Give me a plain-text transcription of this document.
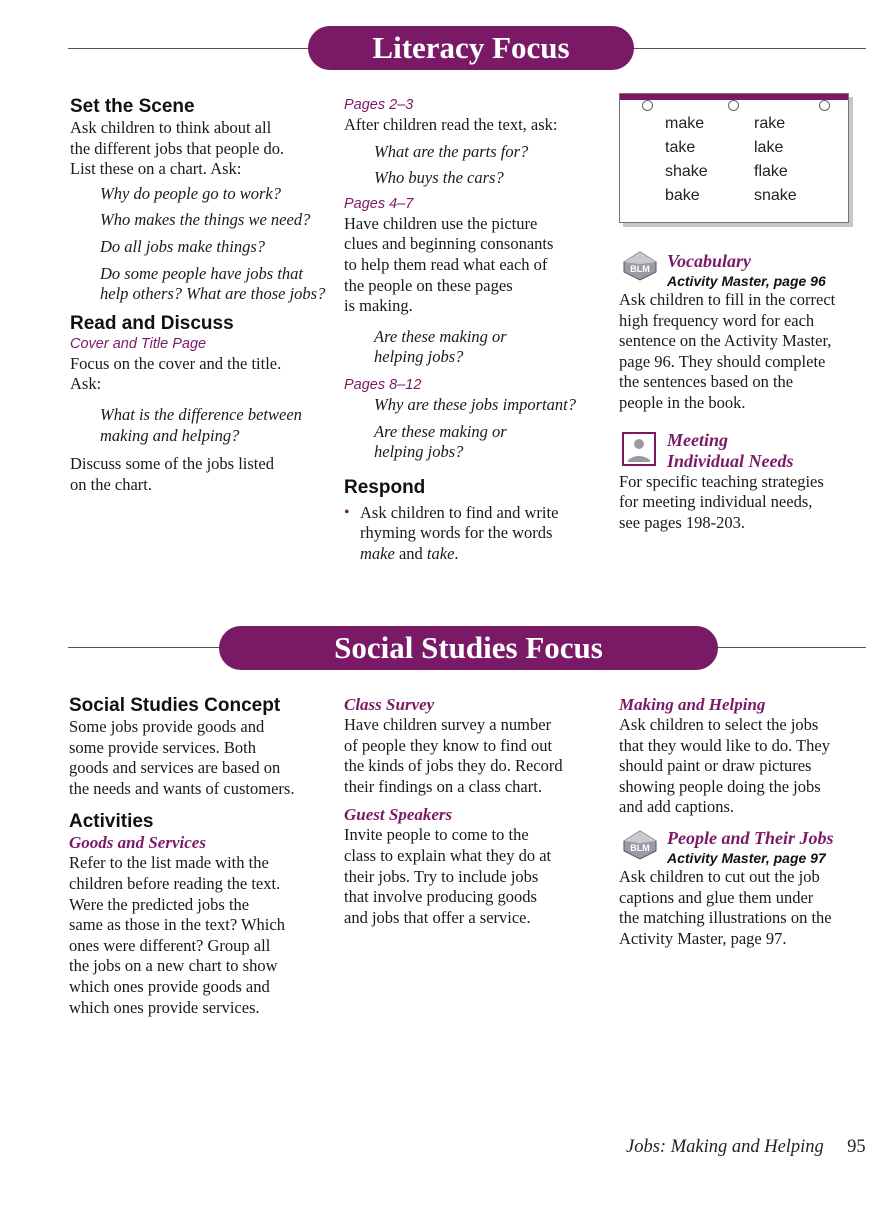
Literacy Focus
Set the Scene

Ask children to think about all

the different jobs that people do.

List these on a chart. Ask:

Why do people go to work?

Who makes the things we need?

Do all jobs make things?

Do some people have jobs that

help others? What are those jobs?

Read and Discuss

Cover and Title Page

Focus on the cover and the title.

Ask:

What is the difference between

making and helping?

Discuss some of the jobs listed

on the chart.

Pages 2–3

After children read the text, ask:

What are the parts for?

Who buys the cars?

Pages 4–7

Have children use the picture

clues and beginning consonants

to help them read what each of

the people on these pages

is making.

Are these making or

helping jobs?

Pages 8–12

Why are these jobs important?

Are these making or

helping jobs?

Respond
• Ask children to find and write

rhyming words for the words

make and take.

make
take
shake
bake
rake
lake
flake
snake
BLM Vocabulary

Activity Master, page 96

Ask children to fill in the correct

high frequency word for each

sentence on the Activity Master,

page 96. They should complete

the sentences based on the

people in the book.

Meeting

Individual Needs

For specific teaching strategies

for meeting individual needs,

see pages 198-203.

Social Studies Focus
Social Studies Concept

Some jobs provide goods and

some provide services. Both

goods and services are based on

the needs and wants of customers.

Activities

Goods and Services

Refer to the list made with the

children before reading the text.

Were the predicted jobs the

same as those in the text? Which

ones were different? Group all

the jobs on a new chart to show

which ones provide goods and

which ones provide services.

Class Survey

Have children survey a number

of people they know to find out

the kinds of jobs they do. Record

their findings on a class chart.

Guest Speakers

Invite people to come to the

class to explain what they do at

their jobs. Try to include jobs

that involve producing goods

and jobs that offer a service.

Making and Helping

Ask children to select the jobs

that they would like to do. They

should paint or draw pictures

showing people doing the jobs

and add captions.

People and Their Jobs

Activity Master, page 97

Ask children to cut out the job

captions and glue them under

the matching illustrations on the

Activity Master, page 97.

BLM
Jobs: Making and Helping 95
